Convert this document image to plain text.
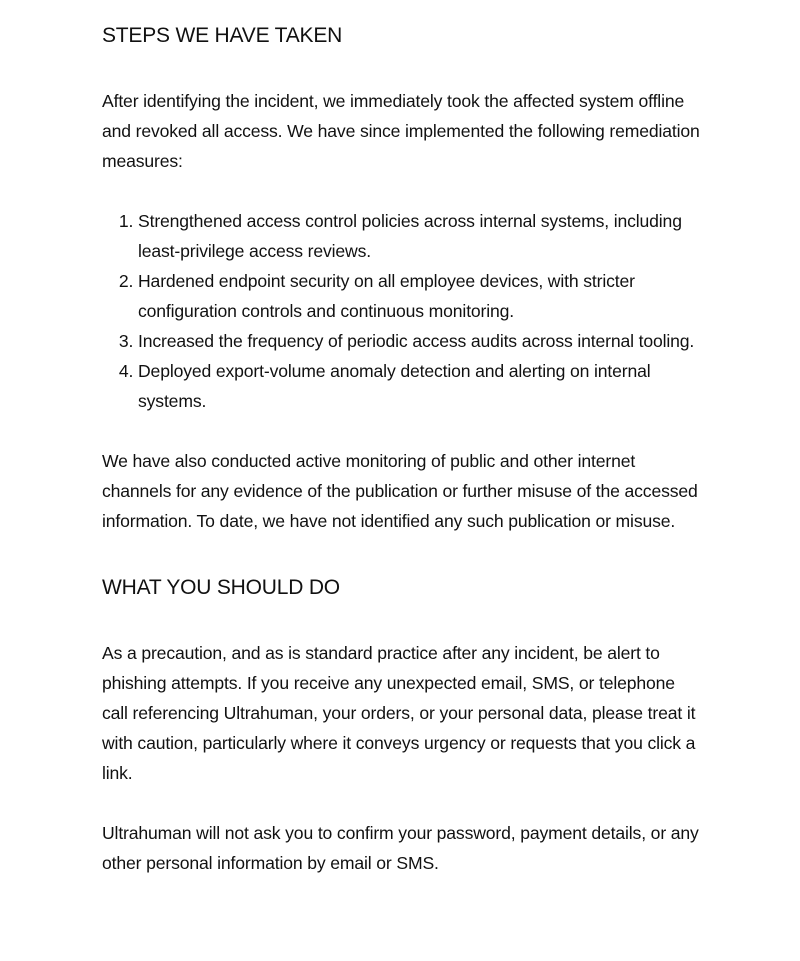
STEPS WE HAVE TAKEN

After identifying the incident, we immediately took the affected system offline and revoked all access. We have since implemented the following remediation measures:

1. Strengthened access control policies across internal systems, including least-privilege access reviews.
2. Hardened endpoint security on all employee devices, with stricter configuration controls and continuous monitoring.
3. Increased the frequency of periodic access audits across internal tooling.
4. Deployed export-volume anomaly detection and alerting on internal systems.

We have also conducted active monitoring of public and other internet channels for any evidence of the publication or further misuse of the accessed information. To date, we have not identified any such publication or misuse.

WHAT YOU SHOULD DO

As a precaution, and as is standard practice after any incident, be alert to phishing attempts. If you receive any unexpected email, SMS, or telephone call referencing Ultrahuman, your orders, or your personal data, please treat it with caution, particularly where it conveys urgency or requests that you click a link.

Ultrahuman will not ask you to confirm your password, payment details, or any other personal information by email or SMS.
